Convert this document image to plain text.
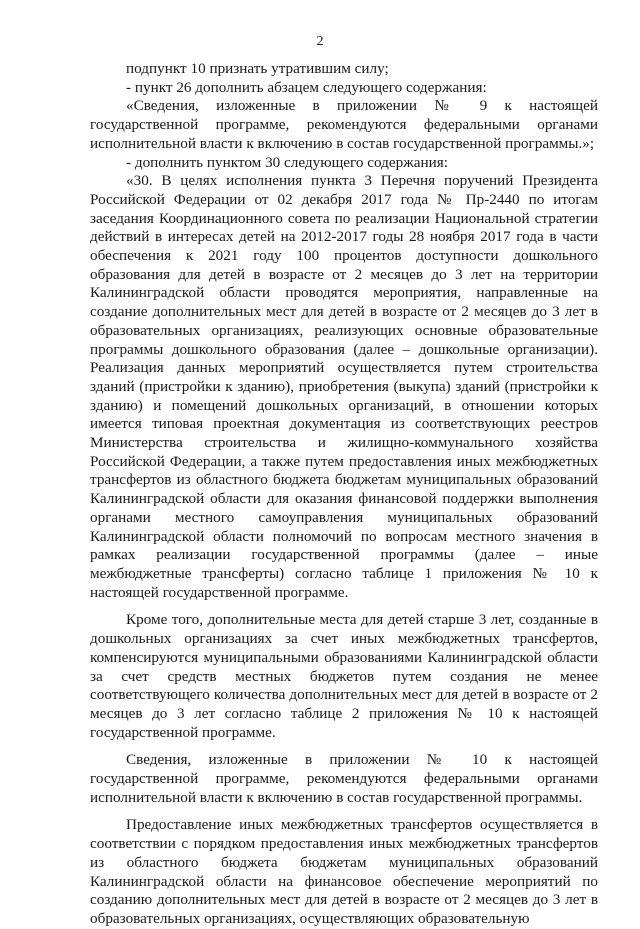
2

подпункт 10 признать утратившим силу;

- пункт 26 дополнить абзацем следующего содержания:

«Сведения, изложенные в приложении № 9 к настоящей государственной программе, рекомендуются федеральными органами исполнительной власти к включению в состав государственной программы.»;

- дополнить пунктом 30 следующего содержания:

«30. В целях исполнения пункта 3 Перечня поручений Президента Российской Федерации от 02 декабря 2017 года № Пр-2440 по итогам заседания Координационного совета по реализации Национальной стратегии действий в интересах детей на 2012-2017 годы 28 ноября 2017 года в части обеспечения к 2021 году 100 процентов доступности дошкольного образования для детей в возрасте от 2 месяцев до 3 лет на территории Калининградской области проводятся мероприятия, направленные на создание дополнительных мест для детей в возрасте от 2 месяцев до 3 лет в образовательных организациях, реализующих основные образовательные программы дошкольного образования (далее – дошкольные организации). Реализация данных мероприятий осуществляется путем строительства зданий (пристройки к зданию), приобретения (выкупа) зданий (пристройки к зданию) и помещений дошкольных организаций, в отношении которых имеется типовая проектная документация из соответствующих реестров Министерства строительства и жилищно-коммунального хозяйства Российской Федерации, а также путем предоставления иных межбюджетных трансфертов из областного бюджета бюджетам муниципальных образований Калининградской области для оказания финансовой поддержки выполнения органами местного самоуправления муниципальных образований Калининградской области полномочий по вопросам местного значения в рамках реализации государственной программы (далее – иные межбюджетные трансферты) согласно таблице 1 приложения № 10 к настоящей государственной программе.

Кроме того, дополнительные места для детей старше 3 лет, созданные в дошкольных организациях за счет иных межбюджетных трансфертов, компенсируются муниципальными образованиями Калининградской области за счет средств местных бюджетов путем создания не менее соответствующего количества дополнительных мест для детей в возрасте от 2 месяцев до 3 лет согласно таблице 2 приложения № 10 к настоящей государственной программе.

Сведения, изложенные в приложении № 10 к настоящей государственной программе, рекомендуются федеральными органами исполнительной власти к включению в состав государственной программы.

Предоставление иных межбюджетных трансфертов осуществляется в соответствии с порядком предоставления иных межбюджетных трансфертов из областного бюджета бюджетам муниципальных образований Калининградской области на финансовое обеспечение мероприятий по созданию дополнительных мест для детей в возрасте от 2 месяцев до 3 лет в образовательных организациях, осуществляющих образовательную
